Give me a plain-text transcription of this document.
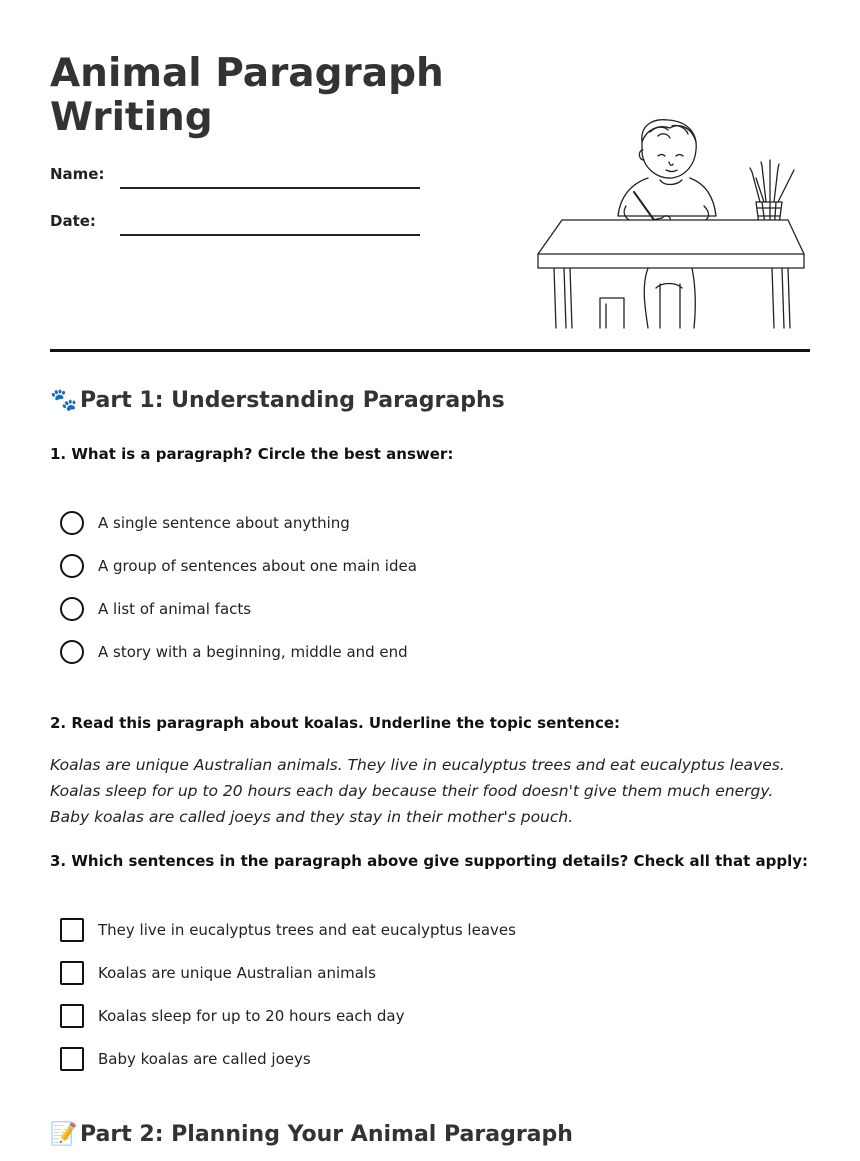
Animal Paragraph
Writing
Name:
Date:
🐾 Part 1: Understanding Paragraphs
1. What is a paragraph? Circle the best answer:
A single sentence about anything
A group of sentences about one main idea
A list of animal facts
A story with a beginning, middle and end
2. Read this paragraph about koalas. Underline the topic sentence:
Koalas are unique Australian animals. They live in eucalyptus trees and eat eucalyptus leaves. Koalas sleep for up to 20 hours each day because their food doesn't give them much energy. Baby koalas are called joeys and they stay in their mother's pouch.
3. Which sentences in the paragraph above give supporting details? Check all that apply:
They live in eucalyptus trees and eat eucalyptus leaves
Koalas are unique Australian animals
Koalas sleep for up to 20 hours each day
Baby koalas are called joeys
📝 Part 2: Planning Your Animal Paragraph
